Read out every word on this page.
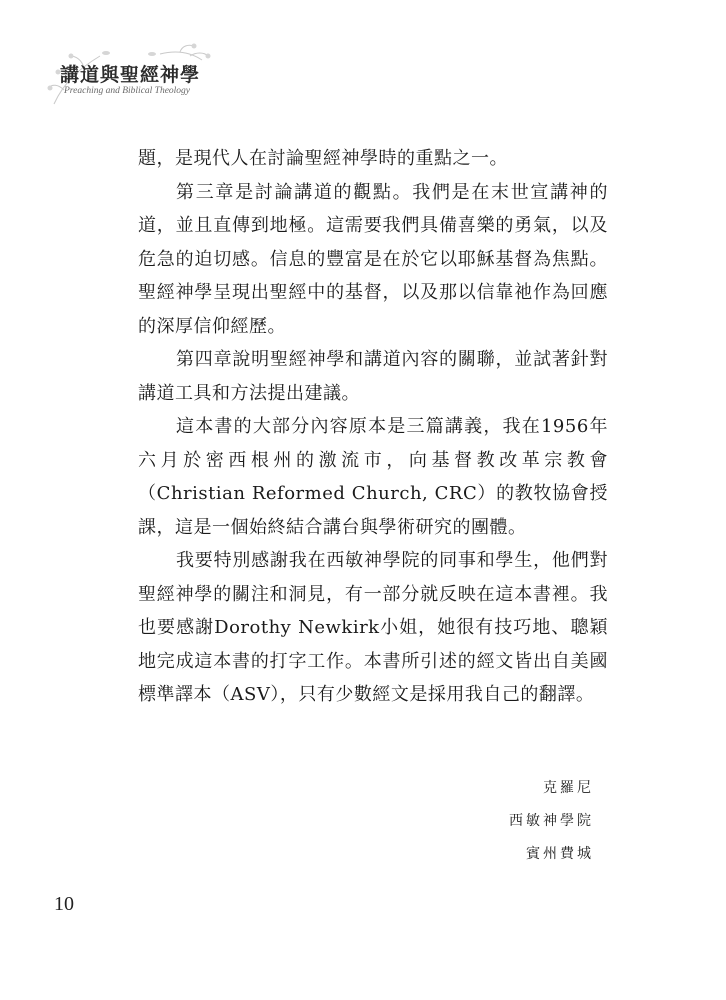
講道與聖經神學
Preaching and Biblical Theology

題，是現代人在討論聖經神學時的重點之一。

第三章是討論講道的觀點。我們是在末世宣講神的道，並且直傳到地極。這需要我們具備喜樂的勇氣，以及危急的迫切感。信息的豐富是在於它以耶穌基督為焦點。聖經神學呈現出聖經中的基督，以及那以信靠祂作為回應的深厚信仰經歷。

第四章說明聖經神學和講道內容的關聯，並試著針對講道工具和方法提出建議。

這本書的大部分內容原本是三篇講義，我在1956年六月於密西根州的激流市，向基督教改革宗教會（Christian Reformed Church, CRC）的教牧協會授課，這是一個始終結合講台與學術研究的團體。

我要特別感謝我在西敏神學院的同事和學生，他們對聖經神學的關注和洞見，有一部分就反映在這本書裡。我也要感謝Dorothy Newkirk小姐，她很有技巧地、聰穎地完成這本書的打字工作。本書所引述的經文皆出自美國標準譯本（ASV），只有少數經文是採用我自己的翻譯。

克羅尼
西敏神學院
賓州費城
10
